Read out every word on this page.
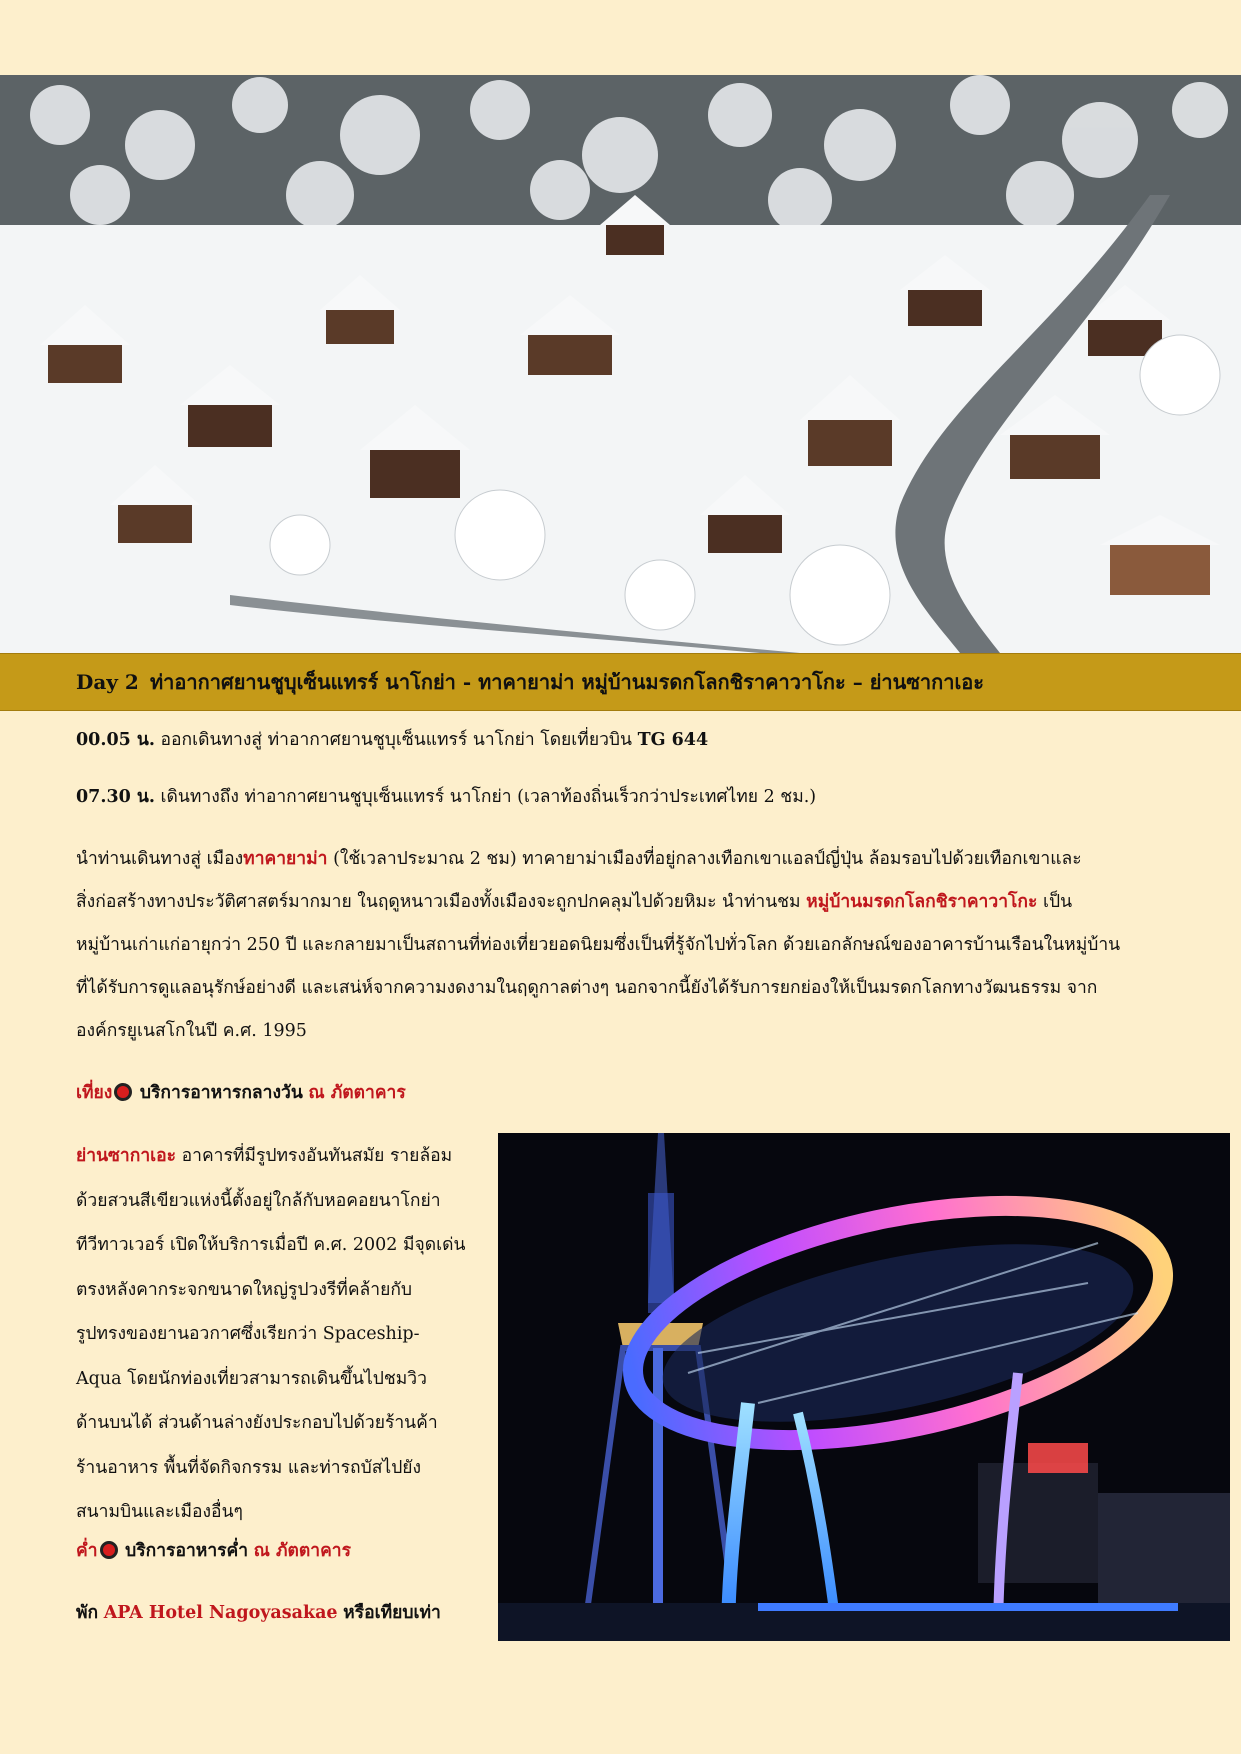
Day 2 ท่าอากาศยานชูบุเซ็นแทรร์ นาโกย่า - ทาคายาม่า หมู่บ้านมรดกโลกชิราคาวาโกะ – ย่านซากาเอะ
00.05 น. ออกเดินทางสู่ ท่าอากาศยานชูบุเซ็นแทรร์ นาโกย่า โดยเที่ยวบิน TG 644
07.30 น. เดินทางถึง ท่าอากาศยานชูบุเซ็นแทรร์ นาโกย่า (เวลาท้องถิ่นเร็วกว่าประเทศไทย 2 ชม.)
นำท่านเดินทางสู่ เมืองทาคายาม่า (ใช้เวลาประมาณ 2 ชม) ทาคายาม่าเมืองที่อยู่กลางเทือกเขาแอลป์ญี่ปุ่น ล้อมรอบไปด้วยเทือกเขาและ
สิ่งก่อสร้างทางประวัติศาสตร์มากมาย ในฤดูหนาวเมืองทั้งเมืองจะถูกปกคลุมไปด้วยหิมะ นำท่านชม หมู่บ้านมรดกโลกชิราคาวาโกะ เป็น
หมู่บ้านเก่าแก่อายุกว่า 250 ปี และกลายมาเป็นสถานที่ท่องเที่ยวยอดนิยมซึ่งเป็นที่รู้จักไปทั่วโลก ด้วยเอกลักษณ์ของอาคารบ้านเรือนในหมู่บ้าน
ที่ได้รับการดูแลอนุรักษ์อย่างดี และเสน่ห์จากความงดงามในฤดูกาลต่างๆ นอกจากนี้ยังได้รับการยกย่องให้เป็นมรดกโลกทางวัฒนธรรม จาก
องค์กรยูเนสโกในปี ค.ศ. 1995
เที่ยง บริการอาหารกลางวัน ณ ภัตตาคาร
ย่านซากาเอะ อาคารที่มีรูปทรงอันทันสมัย รายล้อม
ด้วยสวนสีเขียวแห่งนี้ตั้งอยู่ใกล้กับหอคอยนาโกย่า
ทีวีทาวเวอร์ เปิดให้บริการเมื่อปี ค.ศ. 2002 มีจุดเด่น
ตรงหลังคากระจกขนาดใหญ่รูปวงรีที่คล้ายกับ
รูปทรงของยานอวกาศซึ่งเรียกว่า Spaceship-
Aqua โดยนักท่องเที่ยวสามารถเดินขึ้นไปชมวิว
ด้านบนได้ ส่วนด้านล่างยังประกอบไปด้วยร้านค้า
ร้านอาหาร พื้นที่จัดกิจกรรม และท่ารถบัสไปยัง
สนามบินและเมืองอื่นๆ
ค่ำ บริการอาหารค่ำ ณ ภัตตาคาร
พัก APA Hotel Nagoyasakae หรือเทียบเท่า
